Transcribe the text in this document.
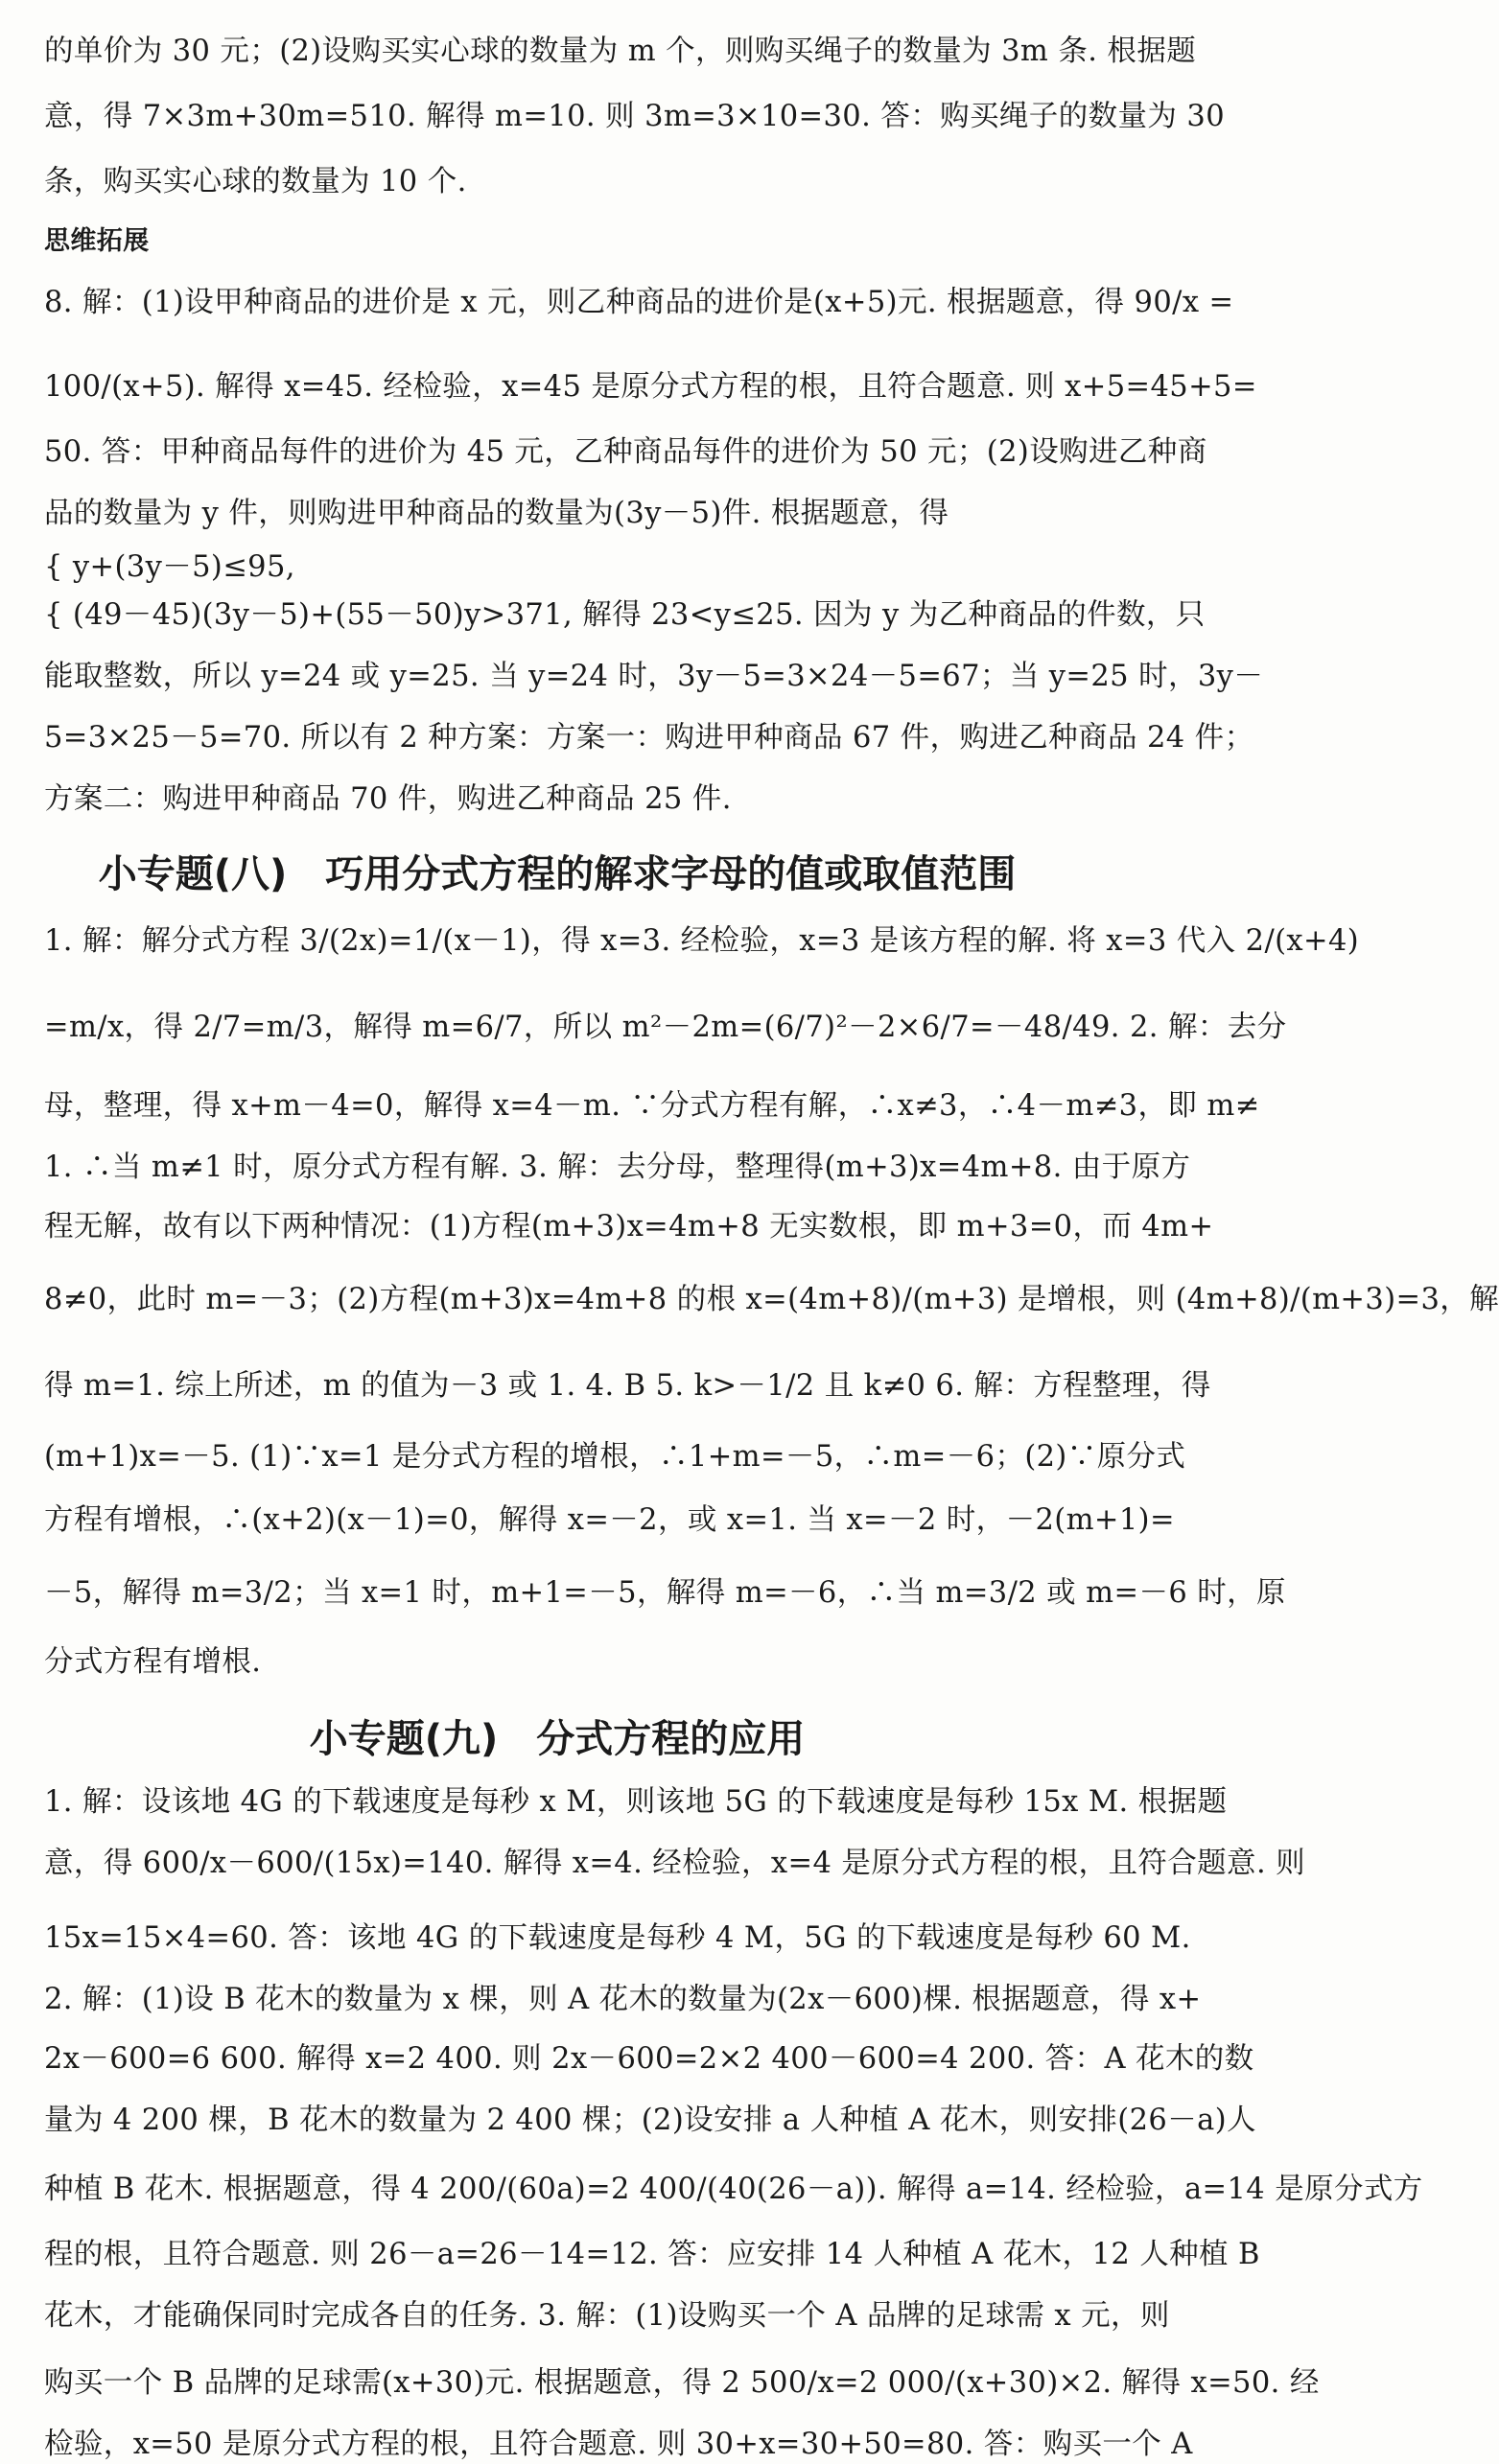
的单价为 30 元；(2)设购买实心球的数量为 m 个，则购买绳子的数量为 3m 条. 根据题
意，得 7×3m+30m=510. 解得 m=10. 则 3m=3×10=30. 答：购买绳子的数量为 30
条，购买实心球的数量为 10 个.
思维拓展
8. 解：(1)设甲种商品的进价是 x 元，则乙种商品的进价是(x+5)元. 根据题意，得 90/x =
100/(x+5). 解得 x=45. 经检验，x=45 是原分式方程的根，且符合题意. 则 x+5=45+5=
50. 答：甲种商品每件的进价为 45 元，乙种商品每件的进价为 50 元；(2)设购进乙种商
品的数量为 y 件，则购进甲种商品的数量为(3y－5)件. 根据题意，得
{ y+(3y－5)≤95,
{ (49－45)(3y－5)+(55－50)y>371, 解得 23<y≤25. 因为 y 为乙种商品的件数，只
能取整数，所以 y=24 或 y=25. 当 y=24 时，3y－5=3×24－5=67；当 y=25 时，3y－
5=3×25－5=70. 所以有 2 种方案：方案一：购进甲种商品 67 件，购进乙种商品 24 件；
方案二：购进甲种商品 70 件，购进乙种商品 25 件.
小专题(八)　巧用分式方程的解求字母的值或取值范围
1. 解：解分式方程 3/(2x)=1/(x－1)，得 x=3. 经检验，x=3 是该方程的解. 将 x=3 代入 2/(x+4)
=m/x，得 2/7=m/3，解得 m=6/7，所以 m²－2m=(6/7)²－2×6/7=－48/49. 2. 解：去分
母，整理，得 x+m－4=0，解得 x=4－m. ∵分式方程有解，∴x≠3，∴4－m≠3，即 m≠
1. ∴当 m≠1 时，原分式方程有解. 3. 解：去分母，整理得(m+3)x=4m+8. 由于原方
程无解，故有以下两种情况：(1)方程(m+3)x=4m+8 无实数根，即 m+3=0，而 4m+
8≠0，此时 m=－3；(2)方程(m+3)x=4m+8 的根 x=(4m+8)/(m+3) 是增根，则 (4m+8)/(m+3)=3，解
得 m=1. 综上所述，m 的值为－3 或 1. 4. B 5. k>－1/2 且 k≠0 6. 解：方程整理，得
(m+1)x=－5. (1)∵x=1 是分式方程的增根，∴1+m=－5，∴m=－6；(2)∵原分式
方程有增根，∴(x+2)(x－1)=0，解得 x=－2，或 x=1. 当 x=－2 时，－2(m+1)=
－5，解得 m=3/2；当 x=1 时，m+1=－5，解得 m=－6，∴当 m=3/2 或 m=－6 时，原
分式方程有增根.
小专题(九)　分式方程的应用
1. 解：设该地 4G 的下载速度是每秒 x M，则该地 5G 的下载速度是每秒 15x M. 根据题
意，得 600/x－600/(15x)=140. 解得 x=4. 经检验，x=4 是原分式方程的根，且符合题意. 则
15x=15×4=60. 答：该地 4G 的下载速度是每秒 4 M，5G 的下载速度是每秒 60 M.
2. 解：(1)设 B 花木的数量为 x 棵，则 A 花木的数量为(2x－600)棵. 根据题意，得 x+
2x－600=6 600. 解得 x=2 400. 则 2x－600=2×2 400－600=4 200. 答：A 花木的数
量为 4 200 棵，B 花木的数量为 2 400 棵；(2)设安排 a 人种植 A 花木，则安排(26－a)人
种植 B 花木. 根据题意，得 4 200/(60a)=2 400/(40(26－a)). 解得 a=14. 经检验，a=14 是原分式方
程的根，且符合题意. 则 26－a=26－14=12. 答：应安排 14 人种植 A 花木，12 人种植 B
花木，才能确保同时完成各自的任务. 3. 解：(1)设购买一个 A 品牌的足球需 x 元，则
购买一个 B 品牌的足球需(x+30)元. 根据题意，得 2 500/x=2 000/(x+30)×2. 解得 x=50. 经
检验，x=50 是原分式方程的根，且符合题意. 则 30+x=30+50=80. 答：购买一个 A
